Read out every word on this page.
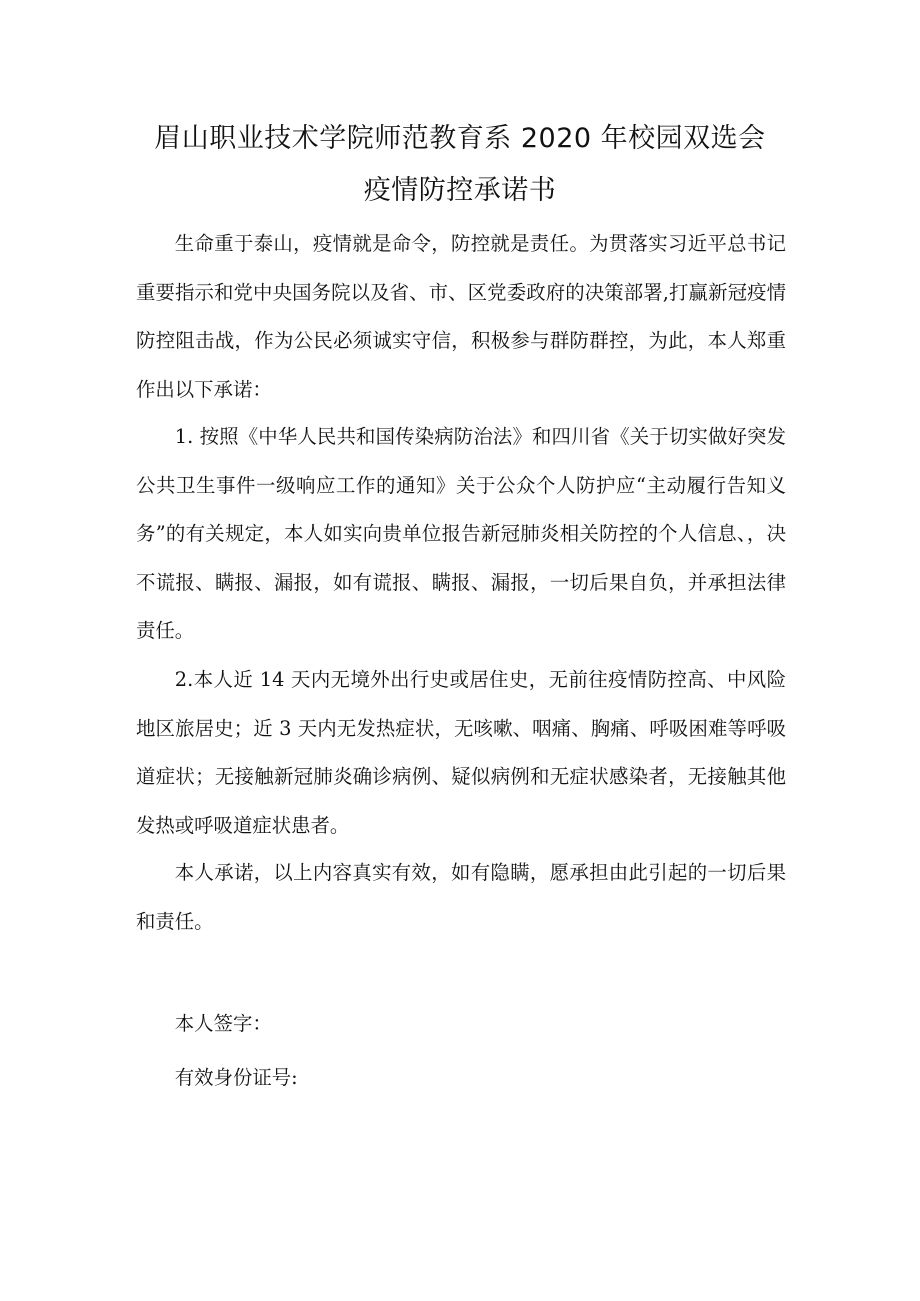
眉山职业技术学院师范教育系 2020 年校园双选会
疫情防控承诺书

生命重于泰山，疫情就是命令，防控就是责任。为贯落实习近平总书记重要指示和党中央国务院以及省、市、区党委政府的决策部署,打赢新冠疫情防控阻击战，作为公民必须诚实守信，积极参与群防群控，为此，本人郑重作出以下承诺：

1. 按照《中华人民共和国传染病防治法》和四川省《关于切实做好突发公共卫生事件一级响应工作的通知》关于公众个人防护应“主动履行告知义务”的有关规定，本人如实向贵单位报告新冠肺炎相关防控的个人信息、，决不谎报、瞒报、漏报，如有谎报、瞒报、漏报，一切后果自负，并承担法律责任。

2.本人近 14 天内无境外出行史或居住史，无前往疫情防控高、中风险地区旅居史；近 3 天内无发热症状，无咳嗽、咽痛、胸痛、呼吸困难等呼吸道症状；无接触新冠肺炎确诊病例、疑似病例和无症状感染者，无接触其他发热或呼吸道症状患者。

本人承诺，以上内容真实有效，如有隐瞒，愿承担由此引起的一切后果和责任。

本人签字：

有效身份证号:
